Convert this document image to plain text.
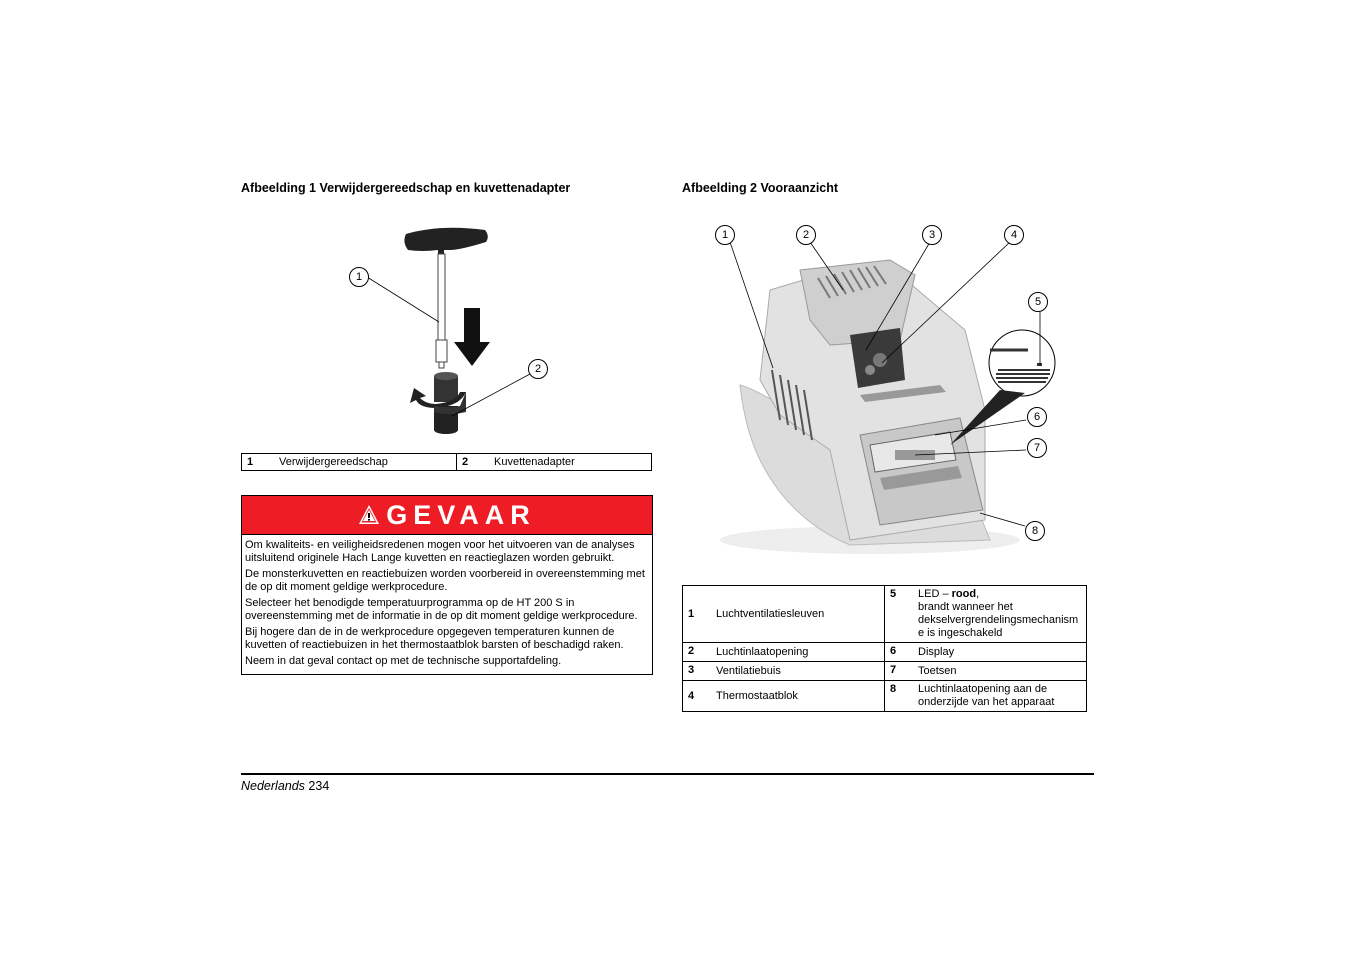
Afbeelding 1 Verwijdergereedschap en kuvettenadapter
1
2
1	Verwijdergereedschap	2	Kuvettenadapter
GEVAAR

Om kwaliteits- en veiligheidsredenen mogen voor het uitvoeren van de analyses uitsluitend originele Hach Lange kuvetten en reactieglazen worden gebruikt.

De monsterkuvetten en reactiebuizen worden voorbereid in overeenstemming met de op dit moment geldige werkprocedure.

Selecteer het benodigde temperatuurprogramma op de HT 200 S in overeenstemming met de informatie in de op dit moment geldige werkprocedure.

Bij hogere dan de in de werkprocedure opgegeven temperaturen kunnen de kuvetten of reactiebuizen in het thermostaatblok barsten of beschadigd raken.

Neem in dat geval contact op met de technische supportafdeling.

Afbeelding 2 Vooraanzicht
1	2	3	4
5
6
7
8
1	Luchtventilatiesleuven	5	LED – rood,
brandt wanneer het dekselvergrendelingsmechanism e is ingeschakeld
2	Luchtinlaatopening	6	Display
3	Ventilatiebuis	7	Toetsen
4	Thermostaatblok	8	Luchtinlaatopening aan de onderzijde van het apparaat
Nederlands 234
